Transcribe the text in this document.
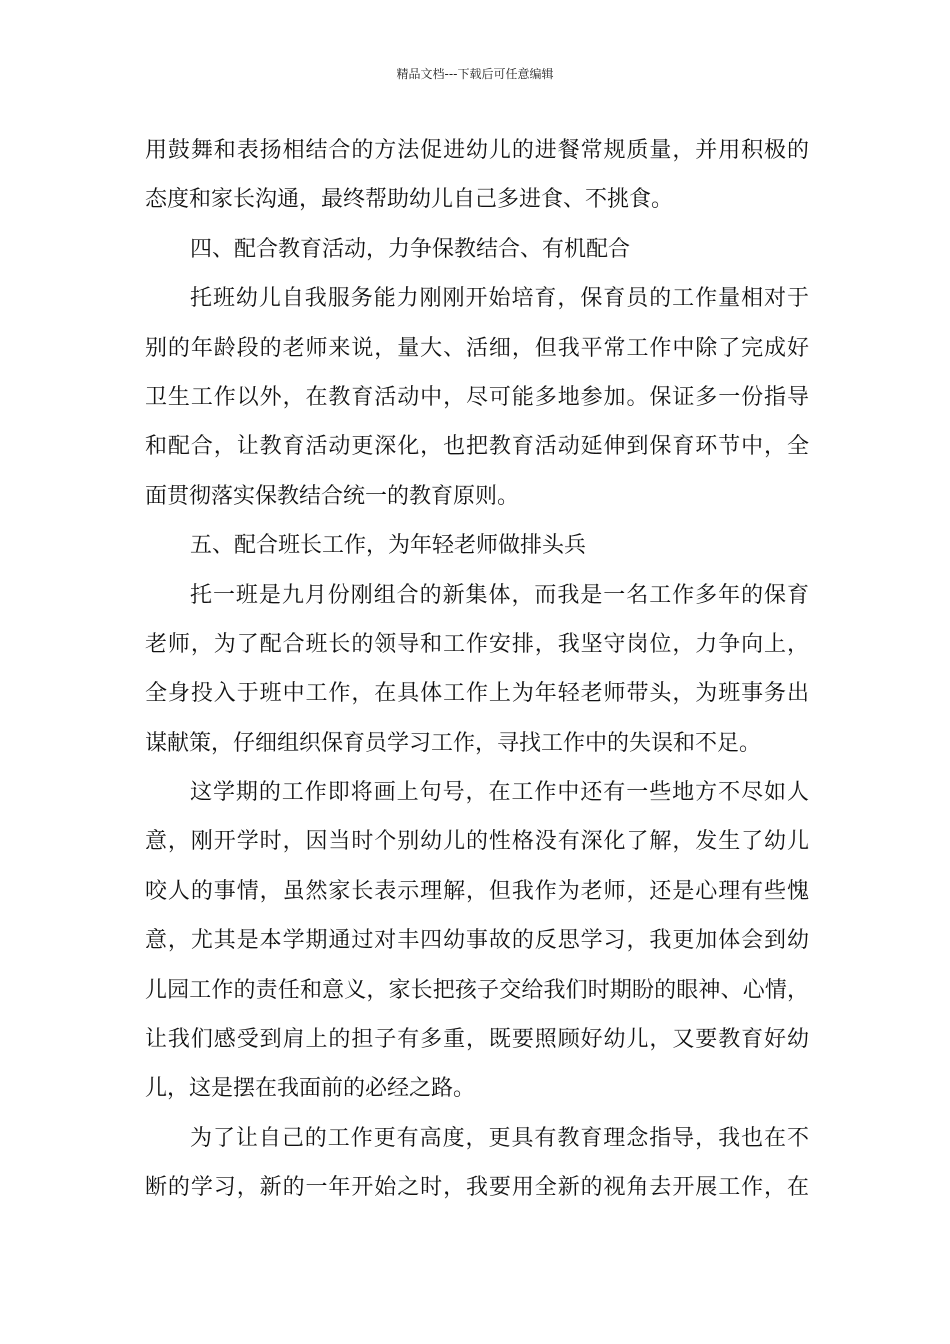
精品文档---下载后可任意编辑
用鼓舞和表扬相结合的方法促进幼儿的进餐常规质量，并用积极的
态度和家长沟通，最终帮助幼儿自己多进食、不挑食。
四、配合教育活动，力争保教结合、有机配合
托班幼儿自我服务能力刚刚开始培育，保育员的工作量相对于
别的年龄段的老师来说，量大、活细，但我平常工作中除了完成好
卫生工作以外，在教育活动中，尽可能多地参加。保证多一份指导
和配合，让教育活动更深化，也把教育活动延伸到保育环节中，全
面贯彻落实保教结合统一的教育原则。
五、配合班长工作，为年轻老师做排头兵
托一班是九月份刚组合的新集体，而我是一名工作多年的保育
老师，为了配合班长的领导和工作安排，我坚守岗位，力争向上，
全身投入于班中工作，在具体工作上为年轻老师带头，为班事务出
谋献策，仔细组织保育员学习工作，寻找工作中的失误和不足。
这学期的工作即将画上句号，在工作中还有一些地方不尽如人
意，刚开学时，因当时个别幼儿的性格没有深化了解，发生了幼儿
咬人的事情，虽然家长表示理解，但我作为老师，还是心理有些愧
意，尤其是本学期通过对丰四幼事故的反思学习，我更加体会到幼
儿园工作的责任和意义，家长把孩子交给我们时期盼的眼神、心情，
让我们感受到肩上的担子有多重，既要照顾好幼儿，又要教育好幼
儿，这是摆在我面前的必经之路。
为了让自己的工作更有高度，更具有教育理念指导，我也在不
断的学习，新的一年开始之时，我要用全新的视角去开展工作，在
